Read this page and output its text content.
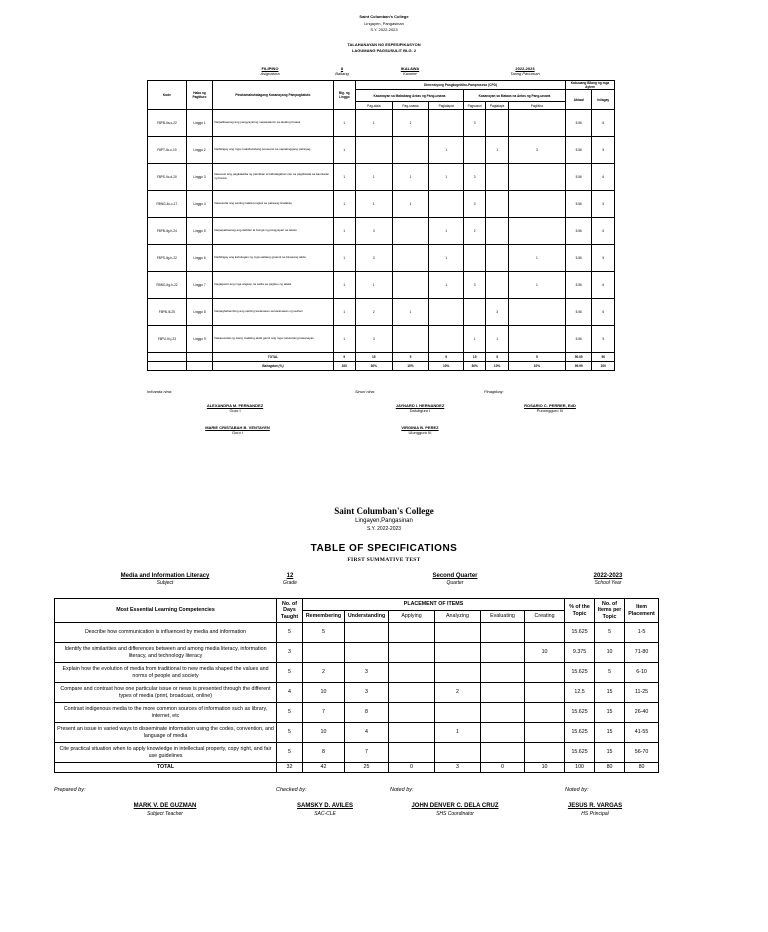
Saint Columban's College
Lingayen, Pangasinan
S.Y. 2022-2023
TALAHANAYAN NG ESPESIPIKASYON
LAGUMANG PAGSUSULIT BLG. 2
FILIPINO
Asignatura
8
Baitang
IKALAWA
Kwarter
2022-2023
Taong Panuruan
Kode	Haba ng Pagtituro	Pinakamahahalagang Kasanayang Pampagkatuto	Blg. ng Linggo	Dimensiyong Pangkognitibo-Pamproseso (CPD)						Kabuuang Bilang ng mga Aytem	
				Kasanayan sa Mababang Antas ng Pang-unawa			Kasanayan sa Mataas na Antas ng Pang-unawa			Aktwal	Inilagay
				Pag-alala	Pag-unawa	Paglalapat	Pagsusuri	Pagtataya	Paglikha		
F8PB-IIa-c-22	Linggo 1	Naipaliliwanag ang pangyayaring nasasalamin sa akdang binasa	1	1	2		3			5.56	6
F8PT-IIc-c-19	Linggo 2	Naibibigay ang mga makabuluhang konsepto sa napakinggang pahayag	1			1		1	3	5.56	5
F8PS-IIc-d-20	Linggo 3	Nasusuri ang pagkakaiba ng panitikan at kahalagahan nito sa pagtitiwala sa kaunlaran ng bansa	1	1	1	1	3			5.56	6
F8WG-IIc-c-17	Linggo 4	Naisusulat ang sariling talata tungkol sa paksang tinalakay	1	1	1		3			5.56	5
F8PB-IIg-h-24	Linggo 5	Naipapaliwanag ang dahilan at bunga ng pangyayari sa teksto	1	3		1	2			5.56	6
F8PS-IIg-h-22	Linggo 6	Naibibigay ang kahulugan ng mga salitang ginamit sa binasang akda	1	3		1			1	5.56	5
F8WG-IIg-h-22	Linggo 7	Nagagamit ang mga angkop na salita sa pagbuo ng talata	1	1		1	3		1	5.56	6
F8PB-IIi-25	Linggo 8	Naipaghahambing ang sariling karanasan sa karanasan ng tauhan	1	2	1			3		5.56	6
F8PU-IIi-j-23	Linggo 9	Nakasusulat ng isang maikling akda gamit ang mga natutuhang kasanayan	1	3			1	1		5.56	5
		TOTAL	9	15	5	5	15	5	5	50.00	50
		Bahagdan (%)	100	30%	10%	10%	30%	10%	10%	99.99	100
Inihanda nina:	Sinuri nina:	Pinagtibay:
ALEXANDRA M. FERNANDEZ
Guro I
JAYNARD I. HERNANDEZ
Dalubguro I
ROSARIO C. PERRER, EdD
Punongguro IV
MARIE CRISTABAH B. VENTAYEN
Guro I
VIRGINIA B. PEREZ
Ulongguro III
Saint Columban's College
Lingayen,Pangasinan
S.Y. 2022-2023
TABLE OF SPECIFICATIONS
FIRST SUMMATIVE TEST
Media and Information Literacy
Subject
12
Grade
Second Quarter
Quarter
2022-2023
School Year
Most Essential Learning Competencies	No. of Days Taught	PLACEMENT OF ITEMS						% of the Topic	No. of Items per Topic	Item Placement
		Remembering	Understanding	Applying	Analyzing	Evaluating	Creating			
Describe how communication is influenced by media and information	5	5						15.625	5	1-5
Identify the similarities and differences between and among media literacy, information literacy, and technology literacy	3						10	9.375	10	71-80
Explain how the evolution of media from traditional to new media shaped the values and norms of people and society	5	2	3					15.625	5	6-10
Compare and contrast how one particular issue or news is presented through the different types of media (print, broadcast, online)	4	10	3		2			12.5	15	11-25
Contrast indigenous media to the more common sources of information such as library, internet, etc	5	7	8					15.625	15	26-40
Present an issue in varied ways to disseminate information using the codes, convention, and language of media	5	10	4		1			15.625	15	41-55
Cite practical situation when to apply knowledge in intellectual property, copy right, and fair use guidelines	5	8	7					15.625	15	56-70
TOTAL	32	42	25	0	3	0	10	100	80	80
Prepared by:	Checked by:	Noted by:	Noted by:
MARK V. DE GUZMAN
Subject Teacher
SAMSKY D. AVILES
SAC-CLE
JOHN DENVER C. DELA CRUZ
SHS Coordinator
JESUS R. VARGAS
HS Principal
